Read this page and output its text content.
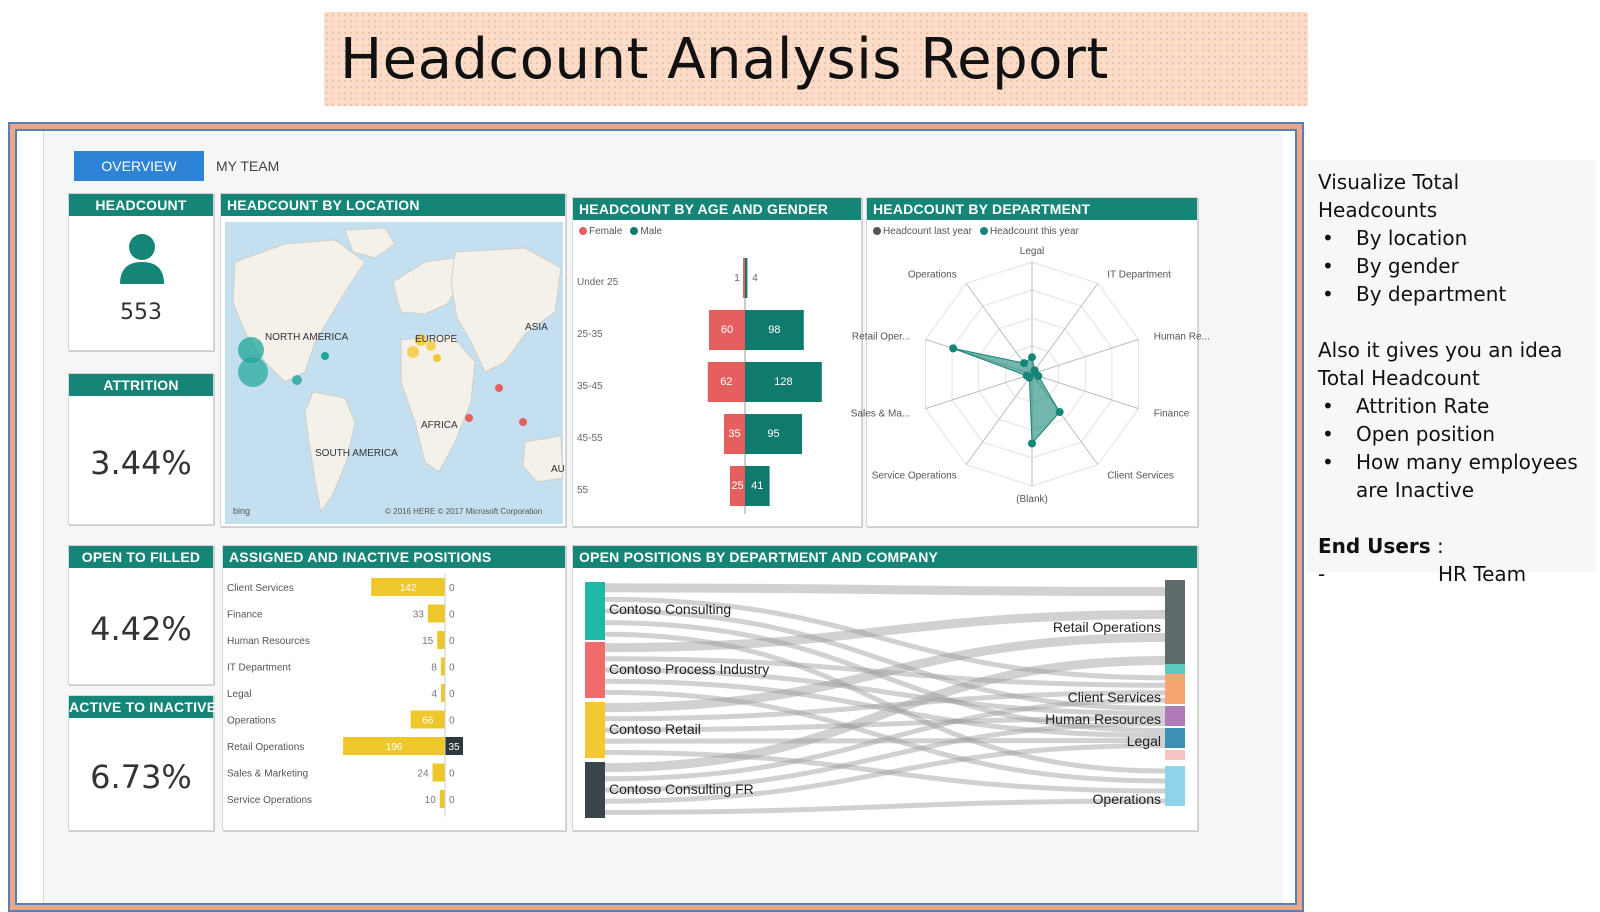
Headcount Analysis Report
OVERVIEW	MY TEAM
HEADCOUNT
553
ATTRITION
3.44%
OPEN TO FILLED
4.42%
ACTIVE TO INACTIVE
6.73%
HEADCOUNT BY LOCATION
NORTH AMERICA	EUROPE
ASIA
AFRICA
SOUTH AMERICA
AU
bing	© 2016 HERE © 2017 Microsoft Corporation
HEADCOUNT BY AGE AND GENDER
Female	Male
Under 25	1 4
25-35	60	98
35-45	62	128
45-55	35 95
55	25 41
HEADCOUNT BY DEPARTMENT
Headcount last year	Headcount this year
Legal
IT Department
Human Re...
Finance
Client Services
(Blank)
Service Operations
Sales & Ma...
Retail Oper...
Operations
ASSIGNED AND INACTIVE POSITIONS
Client Services	142	0
Finance	33	0
Human Resources	15 0
IT Department	8 0
Legal	4 0
Operations	66 0
Retail Operations	196	35
Sales & Marketing	24 0
Service Operations	10 0
OPEN POSITIONS BY DEPARTMENT AND COMPANY
Contoso Consulting
Contoso Process Industry
Contoso Retail
Contoso Consulting FR
Retail Operations
Client Services
Human Resources
Legal
Operations
Visualize Total Headcounts
• By location
• By gender
• By department
Also it gives you an idea
Total Headcount
• Attrition Rate
• Open position
• How many employees are Inactive
End Users :
-	HR Team
